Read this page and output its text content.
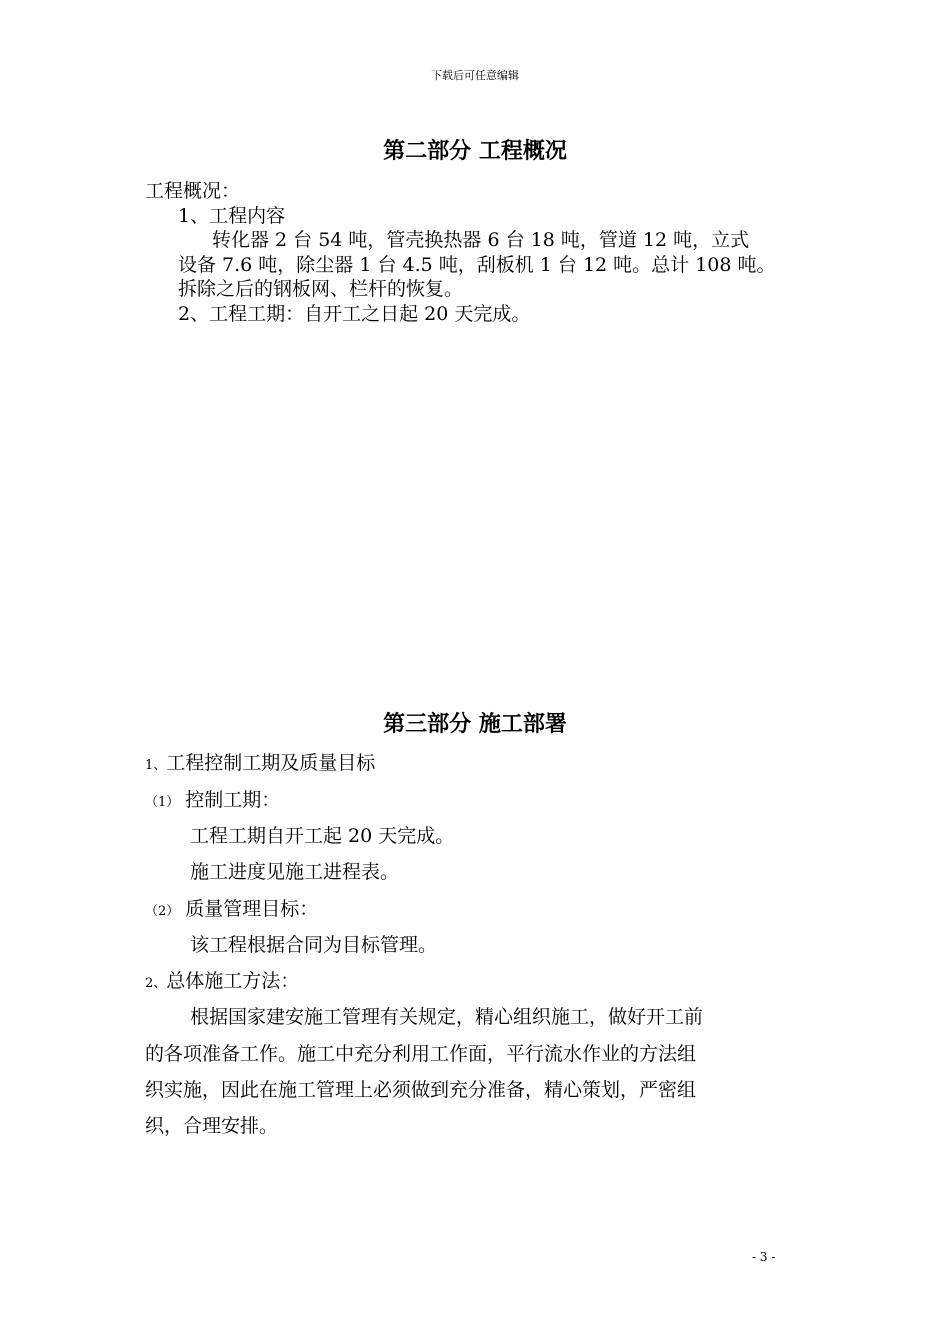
下载后可任意编辑
第二部分 工程概况
工程概况：
1、工程内容
转化器 2 台 54 吨，管壳换热器 6 台 18 吨，管道 12 吨，立式
设备 7.6 吨，除尘器 1 台 4.5 吨，刮板机 1 台 12 吨。总计 108 吨。
拆除之后的钢板网、栏杆的恢复。
2、工程工期：自开工之日起 20 天完成。
第三部分 施工部署
1、工程控制工期及质量目标
（1） 控制工期：
工程工期自开工起 20 天完成。
施工进度见施工进程表。
（2） 质量管理目标：
该工程根据合同为目标管理。
2、总体施工方法：
根据国家建安施工管理有关规定，精心组织施工，做好开工前
的各项准备工作。施工中充分利用工作面，平行流水作业的方法组
织实施，因此在施工管理上必须做到充分准备，精心策划，严密组
织，合理安排。
- 3 -
